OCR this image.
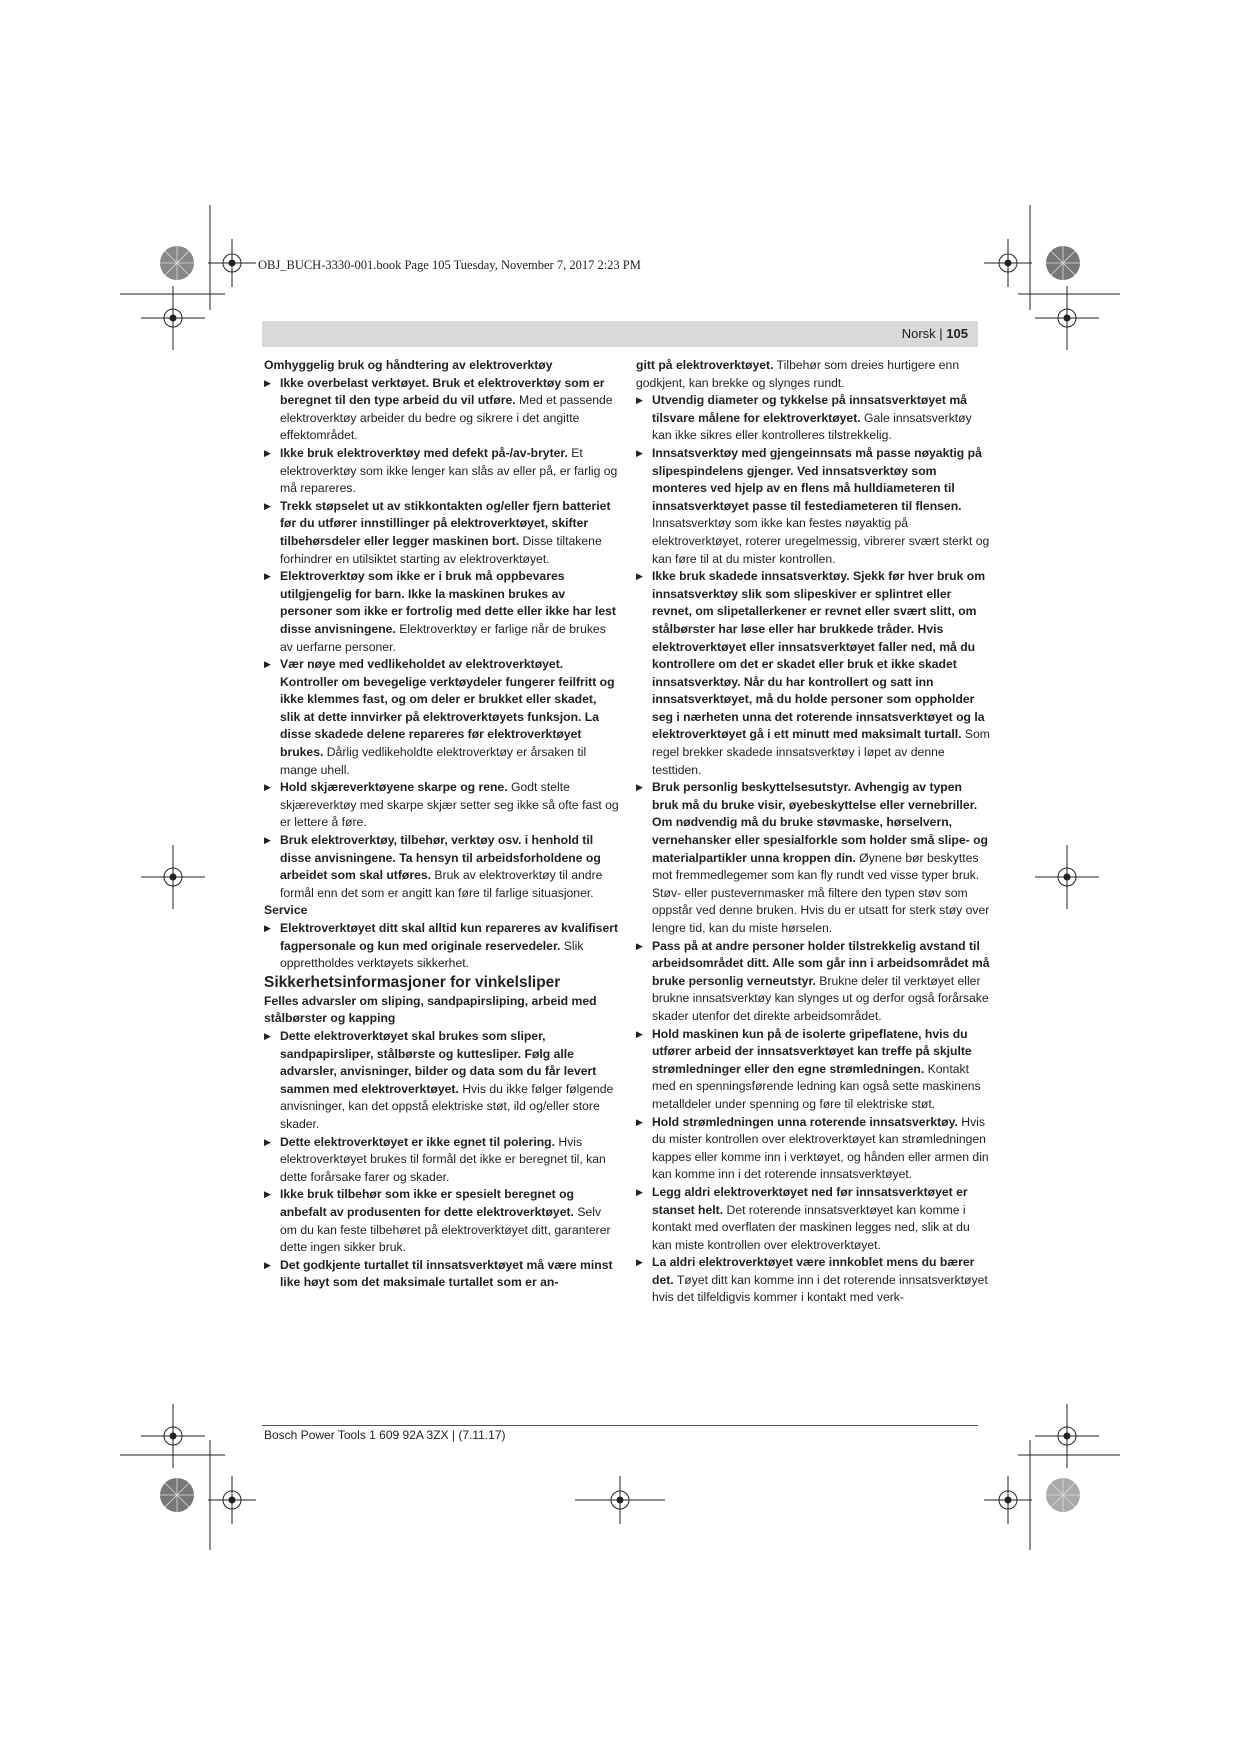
OBJ_BUCH-3330-001.book Page 105 Tuesday, November 7, 2017 2:23 PM
Norsk | 105

Omhyggelig bruk og håndtering av elektroverktøy

▶ Ikke overbelast verktøyet. Bruk et elektroverktøy som er beregnet til den type arbeid du vil utføre. Med et passende elektroverktøy arbeider du bedre og sikrere i det angitte effektområdet.

▶ Ikke bruk elektroverktøy med defekt på-/av-bryter. Et elektroverktøy som ikke lenger kan slås av eller på, er farlig og må repareres.

▶ Trekk støpselet ut av stikkontakten og/eller fjern batteriet før du utfører innstillinger på elektroverktøyet, skifter tilbehørsdeler eller legger maskinen bort. Disse tiltakene forhindrer en utilsiktet starting av elektroverktøyet.

▶ Elektroverktøy som ikke er i bruk må oppbevares utilgjengelig for barn. Ikke la maskinen brukes av personer som ikke er fortrolig med dette eller ikke har lest disse anvisningene. Elektroverktøy er farlige når de brukes av uerfarne personer.

▶ Vær nøye med vedlikeholdet av elektroverktøyet. Kontroller om bevegelige verktøydeler fungerer feilfritt og ikke klemmes fast, og om deler er brukket eller skadet, slik at dette innvirker på elektroverktøyets funksjon. La disse skadede delene repareres før elektroverktøyet brukes. Dårlig vedlikeholdte elektroverktøy er årsaken til mange uhell.

▶ Hold skjæreverktøyene skarpe og rene. Godt stelte skjæreverktøy med skarpe skjær setter seg ikke så ofte fast og er lettere å føre.

▶ Bruk elektroverktøy, tilbehør, verktøy osv. i henhold til disse anvisningene. Ta hensyn til arbeidsforholdene og arbeidet som skal utføres. Bruk av elektroverktøy til andre formål enn det som er angitt kan føre til farlige situasjoner.

Service

▶ Elektroverktøyet ditt skal alltid kun repareres av kvalifisert fagpersonale og kun med originale reservedeler. Slik opprettholdes verktøyets sikkerhet.

Sikkerhetsinformasjoner for vinkelsliper

Felles advarsler om sliping, sandpapirsliping, arbeid med stålbørster og kapping

▶ Dette elektroverktøyet skal brukes som sliper, sandpapirsliper, stålbørste og kuttesliper. Følg alle advarsler, anvisninger, bilder og data som du får levert sammen med elektroverktøyet. Hvis du ikke følger følgende anvisninger, kan det oppstå elektriske støt, ild og/eller store skader.

▶ Dette elektroverktøyet er ikke egnet til polering. Hvis elektroverktøyet brukes til formål det ikke er beregnet til, kan dette forårsake farer og skader.

▶ Ikke bruk tilbehør som ikke er spesielt beregnet og anbefalt av produsenten for dette elektroverktøyet. Selv om du kan feste tilbehøret på elektroverktøyet ditt, garanterer dette ingen sikker bruk.

▶ Det godkjente turtallet til innsatsverktøyet må være minst like høyt som det maksimale turtallet som er an-

gitt på elektroverktøyet. Tilbehør som dreies hurtigere enn godkjent, kan brekke og slynges rundt.

▶ Utvendig diameter og tykkelse på innsatsverktøyet må tilsvare målene for elektroverktøyet. Gale innsatsverktøy kan ikke sikres eller kontrolleres tilstrekkelig.

▶ Innsatsverktøy med gjengeinnsats må passe nøyaktig på slipespindelens gjenger. Ved innsatsverktøy som monteres ved hjelp av en flens må hulldiameteren til innsatsverktøyet passe til festediameteren til flensen. Innsatsverktøy som ikke kan festes nøyaktig på elektroverktøyet, roterer uregelmessig, vibrerer svært sterkt og kan føre til at du mister kontrollen.

▶ Ikke bruk skadede innsatsverktøy. Sjekk før hver bruk om innsatsverktøy slik som slipeskiver er splintret eller revnet, om slipetallerkener er revnet eller svært slitt, om stålbørster har løse eller har brukkede tråder. Hvis elektroverktøyet eller innsatsverktøyet faller ned, må du kontrollere om det er skadet eller bruk et ikke skadet innsatsverktøy. Når du har kontrollert og satt inn innsatsverktøyet, må du holde personer som oppholder seg i nærheten unna det roterende innsatsverktøyet og la elektroverktøyet gå i ett minutt med maksimalt turtall. Som regel brekker skadede innsatsverktøy i løpet av denne testtiden.

▶ Bruk personlig beskyttelsesutstyr. Avhengig av typen bruk må du bruke visir, øyebeskyttelse eller vernebriller. Om nødvendig må du bruke støvmaske, hørselvern, vernehansker eller spesialforkle som holder små slipe- og materialpartikler unna kroppen din. Øynene bør beskyttes mot fremmedlegemer som kan fly rundt ved visse typer bruk. Støv- eller pustevernmasker må filtere den typen støv som oppstår ved denne bruken. Hvis du er utsatt for sterk støy over lengre tid, kan du miste hørselen.

▶ Pass på at andre personer holder tilstrekkelig avstand til arbeidsområdet ditt. Alle som går inn i arbeidsområdet må bruke personlig verneutstyr. Brukne deler til verktøyet eller brukne innsatsverktøy kan slynges ut og derfor også forårsake skader utenfor det direkte arbeidsområdet.

▶ Hold maskinen kun på de isolerte gripeflatene, hvis du utfører arbeid der innsatsverktøyet kan treffe på skjulte strømledninger eller den egne strømledningen. Kontakt med en spenningsførende ledning kan også sette maskinens metalldeler under spenning og føre til elektriske støt.

▶ Hold strømledningen unna roterende innsatsverktøy. Hvis du mister kontrollen over elektroverktøyet kan strømledningen kappes eller komme inn i verktøyet, og hånden eller armen din kan komme inn i det roterende innsatsverktøyet.

▶ Legg aldri elektroverktøyet ned før innsatsverktøyet er stanset helt. Det roterende innsatsverktøyet kan komme i kontakt med overflaten der maskinen legges ned, slik at du kan miste kontrollen over elektroverktøyet.

▶ La aldri elektroverktøyet være innkoblet mens du bærer det. Tøyet ditt kan komme inn i det roterende innsatsverktøyet hvis det tilfeldigvis kommer i kontakt med verk-

Bosch Power Tools 1 609 92A 3ZX | (7.11.17)
